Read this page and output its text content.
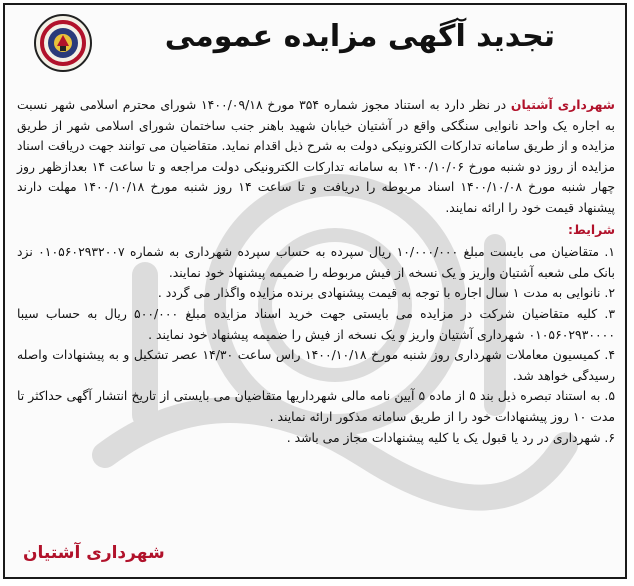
تجدید آگهی مزایده عمومی

شهرداری آشتیان در نظر دارد به استناد مجوز شماره ۳۵۴ مورخ ۱۴۰۰/۰۹/۱۸ شورای محترم اسلامی شهر نسبت به اجاره یک واحد نانوایی سنگکی واقع در آشتیان خیابان شهید باهنر جنب ساختمان شورای اسلامی شهر از طریق مزایده و از طریق سامانه تدارکات الکترونیکی دولت به شرح ذیل اقدام نماید. متقاضیان می توانند جهت دریافت اسناد مزایده از روز دو شنبه مورخ ۱۴۰۰/۱۰/۰۶ به سامانه تدارکات الکترونیکی دولت مراجعه و تا ساعت ۱۴ بعدازظهر روز چهار شنبه مورخ ۱۴۰۰/۱۰/۰۸ اسناد مربوطه را دریافت و تا ساعت ۱۴ روز شنبه مورخ ۱۴۰۰/۱۰/۱۸ مهلت دارند پیشنهاد قیمت خود را ارائه نمایند.

شرایط:
۱. متقاضیان می بایست مبلغ ۱۰/۰۰۰/۰۰۰ ریال سپرده به حساب سپرده شهرداری به شماره ۰۱۰۵۶۰۲۹۳۲۰۰۷ نزد بانک ملی شعبه آشتیان واریز و یک نسخه از فیش مربوطه را ضمیمه پیشنهاد خود نمایند.
۲. نانوایی به مدت ۱ سال اجاره با توجه به قیمت پیشنهادی برنده مزایده واگذار می گردد .
۳. کلیه متقاضیان شرکت در مزایده می بایستی جهت خرید اسناد مزایده مبلغ ۵۰۰/۰۰۰ ریال به حساب سیبا ۰۱۰۵۶۰۲۹۳۰۰۰۰ شهرداری آشتیان واریز و یک نسخه از فیش را ضمیمه پیشنهاد خود نمایند .
۴. کمیسیون معاملات شهرداری روز شنبه مورخ ۱۴۰۰/۱۰/۱۸ راس ساعت ۱۴/۳۰ عصر تشکیل و به پیشنهادات واصله رسیدگی خواهد شد.
۵. به استناد تبصره ذیل بند ۵ از ماده ۵ آیین نامه مالی شهرداریها متقاضیان می بایستی از تاریخ انتشار آگهی حداکثر تا مدت ۱۰ روز پیشنهادات خود را از طریق سامانه مذکور ارائه نمایند .
۶. شهرداری در رد یا قبول یک یا کلیه پیشنهادات مجاز می باشد .
شهرداری آشتیان
